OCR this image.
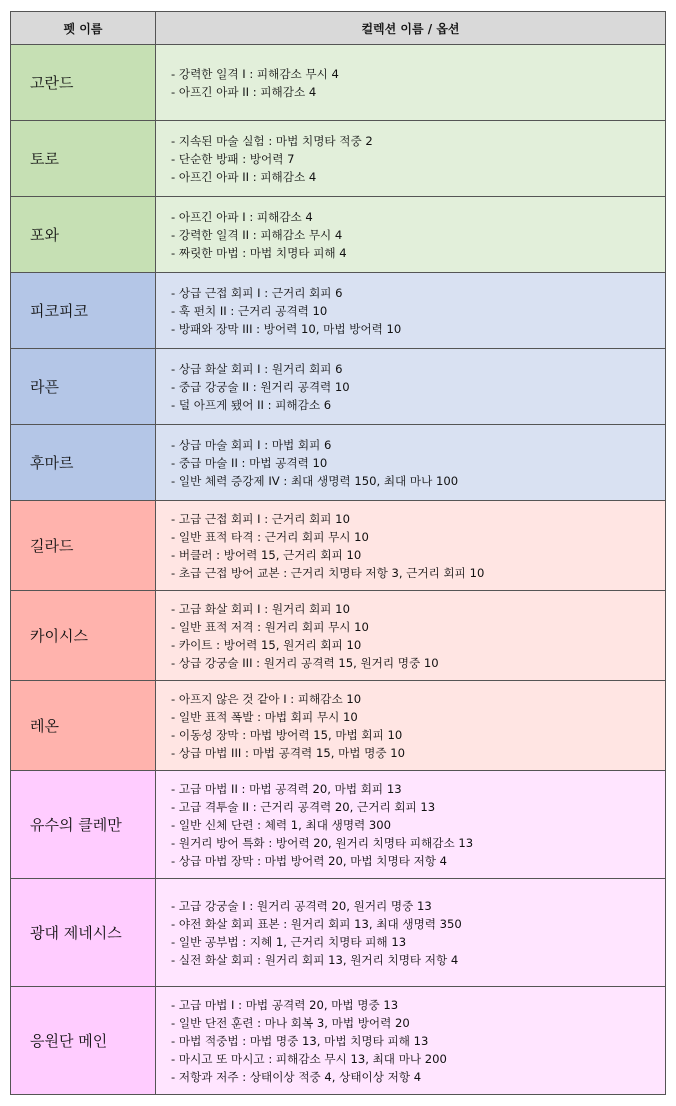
펫 이름	컬렉션 이름 / 옵션
고란드	- 강력한 일격 I : 피해감소 무시 4
- 아프긴 아파 II : 피해감소 4

토로	- 지속된 마술 실험 : 마법 치명타 적중 2
- 단순한 방패 : 방어력 7
- 아프긴 아파 II : 피해감소 4

포와	- 아프긴 아파 I : 피해감소 4
- 강력한 일격 II : 피해감소 무시 4
- 짜릿한 마법 : 마법 치명타 피해 4

피코피코	- 상급 근접 회피 I : 근거리 회피 6
- 훅 펀치 II : 근거리 공격력 10
- 방패와 장막 III : 방어력 10, 마법 방어력 10

라픈	- 상급 화살 회피 I : 원거리 회피 6
- 중급 강궁술 II : 원거리 공격력 10
- 덜 아프게 됐어 II : 피해감소 6

후마르	- 상급 마술 회피 I : 마법 회피 6
- 중급 마술 II : 마법 공격력 10
- 일반 체력 증강제 IV : 최대 생명력 150, 최대 마나 100

길라드	- 고급 근접 회피 I : 근거리 회피 10
- 일반 표적 타격 : 근거리 회피 무시 10
- 버클러 : 방어력 15, 근거리 회피 10
- 초급 근접 방어 교본 : 근거리 치명타 저항 3, 근거리 회피 10

카이시스	- 고급 화살 회피 I : 원거리 회피 10
- 일반 표적 저격 : 원거리 회피 무시 10
- 카이트 : 방어력 15, 원거리 회피 10
- 상급 강궁술 III : 원거리 공격력 15, 원거리 명중 10

레온	- 아프지 않은 것 같아 I : 피해감소 10
- 일반 표적 폭발 : 마법 회피 무시 10
- 이동성 장막 : 마법 방어력 15, 마법 회피 10
- 상급 마법 III : 마법 공격력 15, 마법 명중 10

유수의 클레만	- 고급 마법 II : 마법 공격력 20, 마법 회피 13
- 고급 격투술 II : 근거리 공격력 20, 근거리 회피 13
- 일반 신체 단련 : 체력 1, 최대 생명력 300
- 원거리 방어 특화 : 방어력 20, 원거리 치명타 피해감소 13
- 상급 마법 장막 : 마법 방어력 20, 마법 치명타 저항 4

광대 제네시스	- 고급 강궁술 I : 원거리 공격력 20, 원거리 명중 13
- 야전 화살 회피 표본 : 원거리 회피 13, 최대 생명력 350
- 일반 공부법 : 지혜 1, 근거리 치명타 피해 13
- 실전 화살 회피 : 원거리 회피 13, 원거리 치명타 저항 4

응원단 메인	- 고급 마법 I : 마법 공격력 20, 마법 명중 13
- 일반 단전 훈련 : 마나 회복 3, 마법 방어력 20
- 마법 적중법 : 마법 명중 13, 마법 치명타 피해 13
- 마시고 또 마시고 : 피해감소 무시 13, 최대 마나 200
- 저항과 저주 : 상태이상 적중 4, 상태이상 저항 4
